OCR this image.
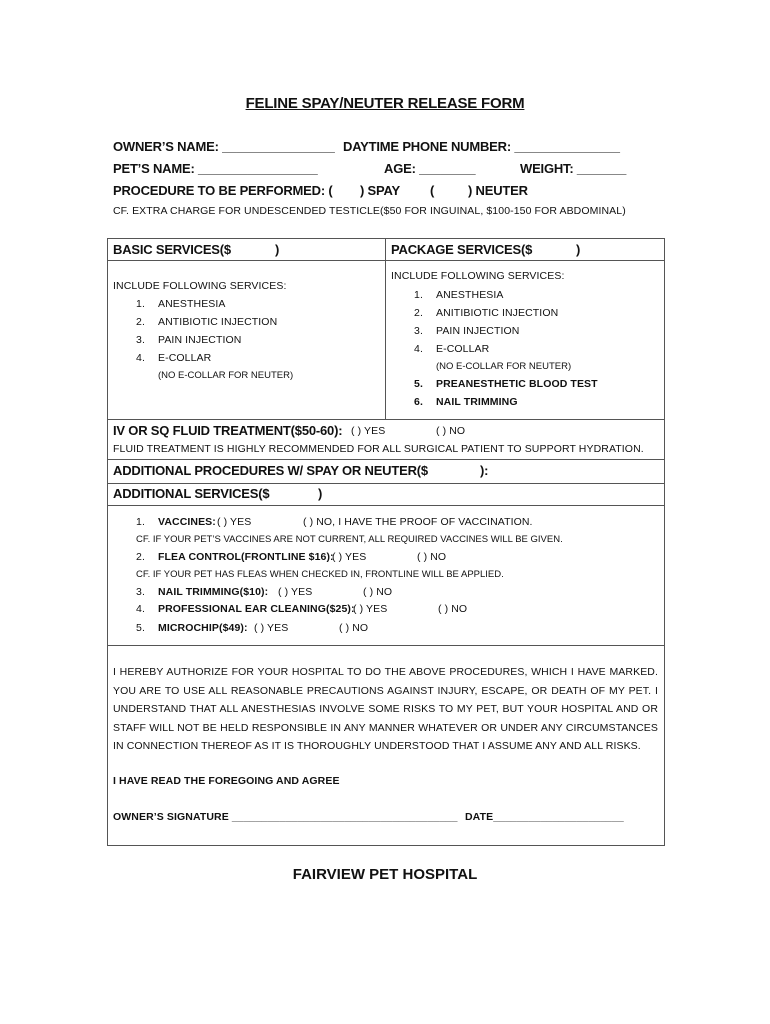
FELINE SPAY/NEUTER RELEASE FORM
OWNER’S NAME: ________________ DAYTIME PHONE NUMBER: _______________
PET’S NAME: _________________	AGE: ________	WEIGHT: _______
PROCEDURE TO BE PERFORMED: ( ) SPAY (	) NEUTER
CF. EXTRA CHARGE FOR UNDESCENDED TESTICLE($50 FOR INGUINAL, $100-150 FOR ABDOMINAL)
BASIC SERVICES($	)
INCLUDE FOLLOWING SERVICES:
1. ANESTHESIA
2. ANTIBIOTIC INJECTION
3. PAIN INJECTION
4. E-COLLAR
(NO E-COLLAR FOR NEUTER)
PACKAGE SERVICES($	)
INCLUDE FOLLOWING SERVICES:
1. ANESTHESIA
2. ANITIBIOTIC INJECTION
3. PAIN INJECTION
4. E-COLLAR
(NO E-COLLAR FOR NEUTER)
5. PREANESTHETIC BLOOD TEST
6. NAIL TRIMMING
IV OR SQ FLUID TREATMENT($50-60): ( ) YES	( ) NO
FLUID TREATMENT IS HIGHLY RECOMMENDED FOR ALL SURGICAL PATIENT TO SUPPORT HYDRATION.
ADDITIONAL PROCEDURES W/ SPAY OR NEUTER($	):
ADDITIONAL SERVICES($	)
1. VACCINES: ( ) YES	( ) NO, I HAVE THE PROOF OF VACCINATION.
CF. IF YOUR PET’S VACCINES ARE NOT CURRENT, ALL REQUIRED VACCINES WILL BE GIVEN.
2. FLEA CONTROL(FRONTLINE $16):
( ) YES	( ) NO
CF. IF YOUR PET HAS FLEAS WHEN CHECKED IN, FRONTLINE WILL BE APPLIED.
3. NAIL TRIMMING($10): ( ) YES	( ) NO
4. PROFESSIONAL EAR CLEANING($25):
( ) YES	( ) NO
5. MICROCHIP($49): ( ) YES	( ) NO
I HEREBY AUTHORIZE FOR YOUR HOSPITAL TO DO THE ABOVE PROCEDURES, WHICH I HAVE MARKED. YOU ARE TO USE ALL REASONABLE PRECAUTIONS AGAINST INJURY, ESCAPE, OR DEATH OF MY PET. I UNDERSTAND THAT ALL ANESTHESIAS INVOLVE SOME RISKS TO MY PET, BUT YOUR HOSPITAL AND OR STAFF WILL NOT BE HELD RESPONSIBLE IN ANY MANNER WHATEVER OR UNDER ANY CIRCUMSTANCES IN CONNECTION THEREOF AS IT IS THOROUGHLY UNDERSTOOD THAT I ASSUME ANY AND ALL RISKS.
I HAVE READ THE FOREGOING AND AGREE
OWNER’S SIGNATURE ______________________________________ DATE______________________
FAIRVIEW PET HOSPITAL
